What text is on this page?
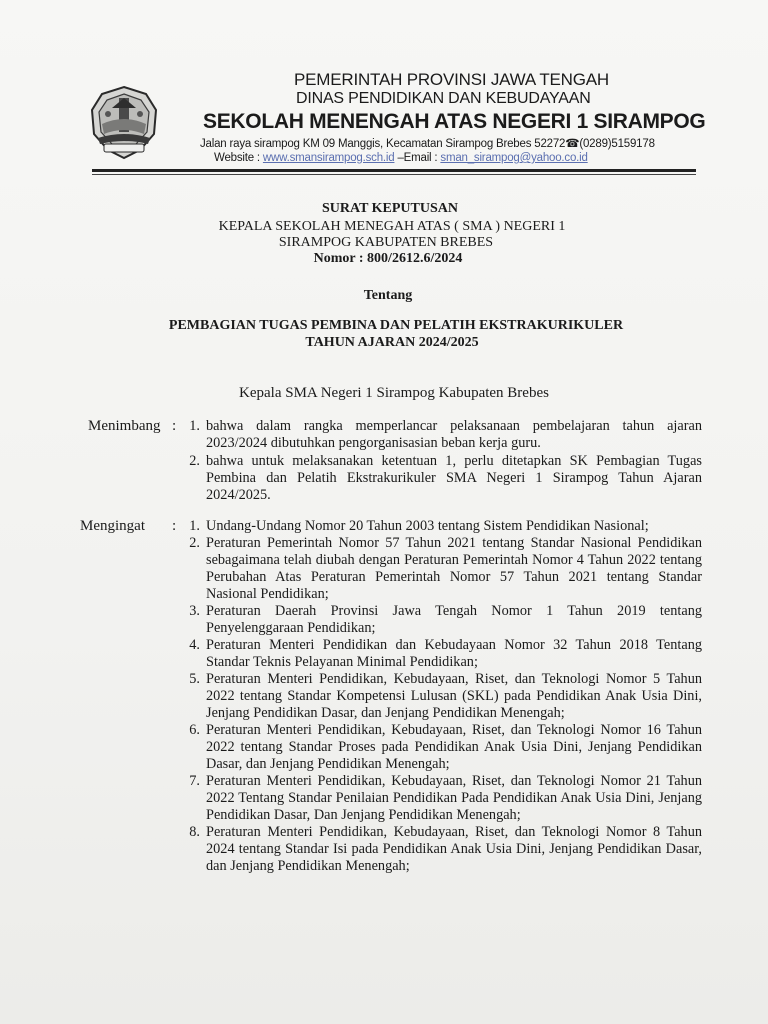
PEMERINTAH PROVINSI JAWA TENGAH
DINAS PENDIDIKAN DAN KEBUDAYAAN
SEKOLAH MENENGAH ATAS NEGERI 1 SIRAMPOG
Jalan raya sirampog KM 09 Manggis, Kecamatan Sirampog Brebes 52272☎(0289)5159178
Website : www.smansirampog.sch.id –Email : sman_sirampog@yahoo.co.id
SURAT KEPUTUSAN
KEPALA SEKOLAH MENEGAH ATAS ( SMA ) NEGERI 1
SIRAMPOG KABUPATEN BREBES
Nomor : 800/2612.6/2024
Tentang
PEMBAGIAN TUGAS PEMBINA DAN PELATIH EKSTRAKURIKULER
TAHUN AJARAN 2024/2025
Kepala SMA Negeri 1 Sirampog Kabupaten Brebes
Menimbang : 1. bahwa dalam rangka memperlancar pelaksanaan pembelajaran tahun ajaran 2023/2024 dibutuhkan pengorganisasian beban kerja guru.
2. bahwa untuk melaksanakan ketentuan 1, perlu ditetapkan SK Pembagian Tugas Pembina dan Pelatih Ekstrakurikuler SMA Negeri 1 Sirampog Tahun Ajaran 2024/2025.
Mengingat : 1. Undang-Undang Nomor 20 Tahun 2003 tentang Sistem Pendidikan Nasional;
2. Peraturan Pemerintah Nomor 57 Tahun 2021 tentang Standar Nasional Pendidikan sebagaimana telah diubah dengan Peraturan Pemerintah Nomor 4 Tahun 2022 tentang Perubahan Atas Peraturan Pemerintah Nomor 57 Tahun 2021 tentang Standar Nasional Pendidikan;
3. Peraturan Daerah Provinsi Jawa Tengah Nomor 1 Tahun 2019 tentang Penyelenggaraan Pendidikan;
4. Peraturan Menteri Pendidikan dan Kebudayaan Nomor 32 Tahun 2018 Tentang Standar Teknis Pelayanan Minimal Pendidikan;
5. Peraturan Menteri Pendidikan, Kebudayaan, Riset, dan Teknologi Nomor 5 Tahun 2022 tentang Standar Kompetensi Lulusan (SKL) pada Pendidikan Anak Usia Dini, Jenjang Pendidikan Dasar, dan Jenjang Pendidikan Menengah;
6. Peraturan Menteri Pendidikan, Kebudayaan, Riset, dan Teknologi Nomor 16 Tahun 2022 tentang Standar Proses pada Pendidikan Anak Usia Dini, Jenjang Pendidikan Dasar, dan Jenjang Pendidikan Menengah;
7. Peraturan Menteri Pendidikan, Kebudayaan, Riset, dan Teknologi Nomor 21 Tahun 2022 Tentang Standar Penilaian Pendidikan Pada Pendidikan Anak Usia Dini, Jenjang Pendidikan Dasar, Dan Jenjang Pendidikan Menengah;
8. Peraturan Menteri Pendidikan, Kebudayaan, Riset, dan Teknologi Nomor 8 Tahun 2024 tentang Standar Isi pada Pendidikan Anak Usia Dini, Jenjang Pendidikan Dasar, dan Jenjang Pendidikan Menengah;
